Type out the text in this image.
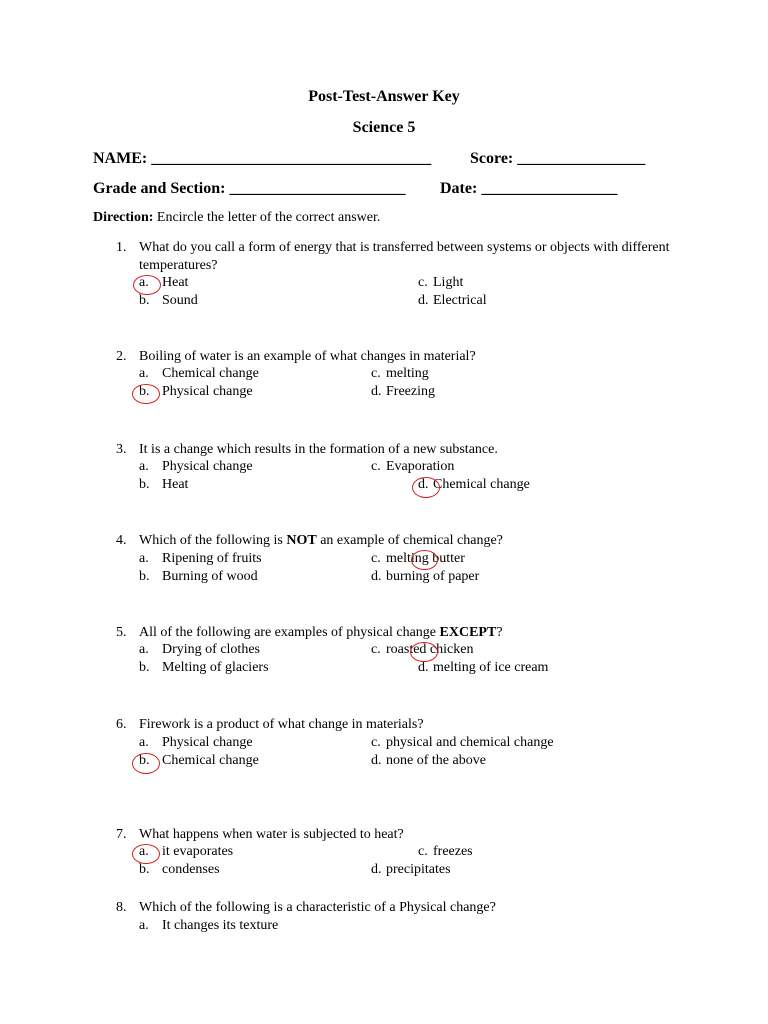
Post-Test-Answer Key
Science 5
NAME: ___________________________________ Score: ________________
Grade and Section: ______________________ Date: _________________
Direction: Encircle the letter of the correct answer.
1. What do you call a form of energy that is transferred between systems or objects with different temperatures?
a. Heat	c. Light
b. Sound	d. Electrical
2. Boiling of water is an example of what changes in material?
a. Chemical change	c. melting
b. Physical change	d. Freezing
3. It is a change which results in the formation of a new substance.
a. Physical change	c. Evaporation
b. Heat	d. Chemical change
4. Which of the following is NOT an example of chemical change?
a. Ripening of fruits	c. melting butter
b. Burning of wood	d. burning of paper
5. All of the following are examples of physical change EXCEPT?
a. Drying of clothes	c. roasted chicken
b. Melting of glaciers	d. melting of ice cream
6. Firework is a product of what change in materials?
a. Physical change	c. physical and chemical change
b. Chemical change	d. none of the above
7. What happens when water is subjected to heat?
a. it evaporates	c. freezes
b. condenses	d. precipitates
8. Which of the following is a characteristic of a Physical change?
a. It changes its texture
